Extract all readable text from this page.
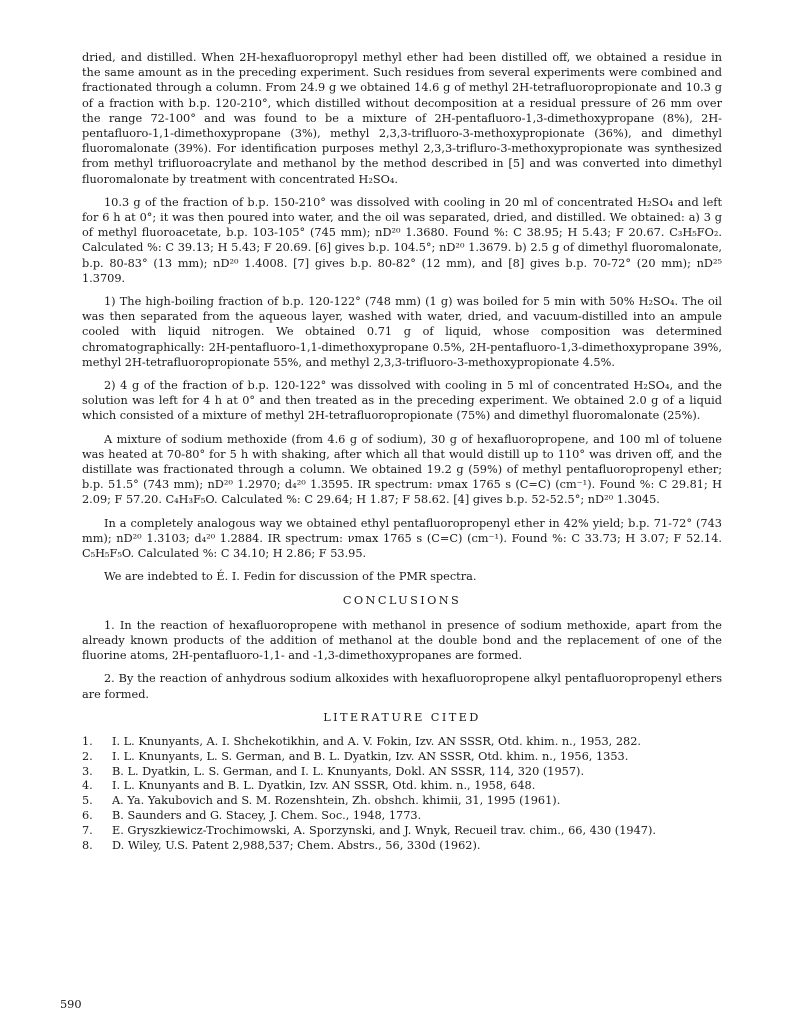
dried, and distilled. When 2H-hexafluoropropyl methyl ether had been distilled off, we obtained a residue in the same amount as in the preceding experiment. Such residues from several experiments were combined and fractionated through a column. From 24.9 g we obtained 14.6 g of methyl 2H-tetrafluoropropionate and 10.3 g of a fraction with b.p. 120-210°, which distilled without decomposition at a residual pressure of 26 mm over the range 72-100° and was found to be a mixture of 2H-pentafluoro-1,3-dimethoxypropane (8%), 2H-pentafluoro-1,1-dimethoxypropane (3%), methyl 2,3,3-trifluoro-3-methoxypropionate (36%), and dimethyl fluoromalonate (39%). For identification purposes methyl 2,3,3-trifluro-3-methoxypropionate was synthesized from methyl trifluoroacrylate and methanol by the method described in [5] and was converted into dimethyl fluoromalonate by treatment with concentrated H₂SO₄.

10.3 g of the fraction of b.p. 150-210° was dissolved with cooling in 20 ml of concentrated H₂SO₄ and left for 6 h at 0°; it was then poured into water, and the oil was separated, dried, and distilled. We obtained: a) 3 g of methyl fluoroacetate, b.p. 103-105° (745 mm); nD²⁰ 1.3680. Found %: C 38.95; H 5.43; F 20.67. C₃H₅FO₂. Calculated %: C 39.13; H 5.43; F 20.69. [6] gives b.p. 104.5°; nD²⁰ 1.3679. b) 2.5 g of dimethyl fluoromalonate, b.p. 80-83° (13 mm); nD²⁰ 1.4008. [7] gives b.p. 80-82° (12 mm), and [8] gives b.p. 70-72° (20 mm); nD²⁵ 1.3709.

1) The high-boiling fraction of b.p. 120-122° (748 mm) (1 g) was boiled for 5 min with 50% H₂SO₄. The oil was then separated from the aqueous layer, washed with water, dried, and vacuum-distilled into an ampule cooled with liquid nitrogen. We obtained 0.71 g of liquid, whose composition was determined chromatographically: 2H-pentafluoro-1,1-dimethoxypropane 0.5%, 2H-pentafluoro-1,3-dimethoxypropane 39%, methyl 2H-tetrafluoropropionate 55%, and methyl 2,3,3-trifluoro-3-methoxypropionate 4.5%.

2) 4 g of the fraction of b.p. 120-122° was dissolved with cooling in 5 ml of concentrated H₂SO₄, and the solution was left for 4 h at 0° and then treated as in the preceding experiment. We obtained 2.0 g of a liquid which consisted of a mixture of methyl 2H-tetrafluoropropionate (75%) and dimethyl fluoromalonate (25%).

A mixture of sodium methoxide (from 4.6 g of sodium), 30 g of hexafluoropropene, and 100 ml of toluene was heated at 70-80° for 5 h with shaking, after which all that would distill up to 110° was driven off, and the distillate was fractionated through a column. We obtained 19.2 g (59%) of methyl pentafluoropropenyl ether; b.p. 51.5° (743 mm); nD²⁰ 1.2970; d₄²⁰ 1.3595. IR spectrum: νmax 1765 s (C=C) (cm⁻¹). Found %: C 29.81; H 2.09; F 57.20. C₄H₃F₅O. Calculated %: C 29.64; H 1.87; F 58.62. [4] gives b.p. 52-52.5°; nD²⁰ 1.3045.

In a completely analogous way we obtained ethyl pentafluoropropenyl ether in 42% yield; b.p. 71-72° (743 mm); nD²⁰ 1.3103; d₄²⁰ 1.2884. IR spectrum: νmax 1765 s (C=C) (cm⁻¹). Found %: C 33.73; H 3.07; F 52.14. C₅H₅F₅O. Calculated %: C 34.10; H 2.86; F 53.95.

We are indebted to É. I. Fedin for discussion of the PMR spectra.

CONCLUSIONS

1. In the reaction of hexafluoropropene with methanol in presence of sodium methoxide, apart from the already known products of the addition of methanol at the double bond and the replacement of one of the fluorine atoms, 2H-pentafluoro-1,1- and -1,3-dimethoxypropanes are formed.

2. By the reaction of anhydrous sodium alkoxides with hexafluoropropene alkyl pentafluoropropenyl ethers are formed.

LITERATURE CITED
1.	I. L. Knunyants, A. I. Shchekotikhin, and A. V. Fokin, Izv. AN SSSR, Otd. khim. n., 1953, 282.
2.	I. L. Knunyants, L. S. German, and B. L. Dyatkin, Izv. AN SSSR, Otd. khim. n., 1956, 1353.
3.	B. L. Dyatkin, L. S. German, and I. L. Knunyants, Dokl. AN SSSR, 114, 320 (1957).
4.	I. L. Knunyants and B. L. Dyatkin, Izv. AN SSSR, Otd. khim. n., 1958, 648.
5.	A. Ya. Yakubovich and S. M. Rozenshtein, Zh. obshch. khimii, 31, 1995 (1961).
6.	B. Saunders and G. Stacey, J. Chem. Soc., 1948, 1773.
7.	E. Gryszkiewicz-Trochimowski, A. Sporzynski, and J. Wnyk, Recueil trav. chim., 66, 430 (1947).
8.	D. Wiley, U.S. Patent 2,988,537; Chem. Abstrs., 56, 330d (1962).
590
